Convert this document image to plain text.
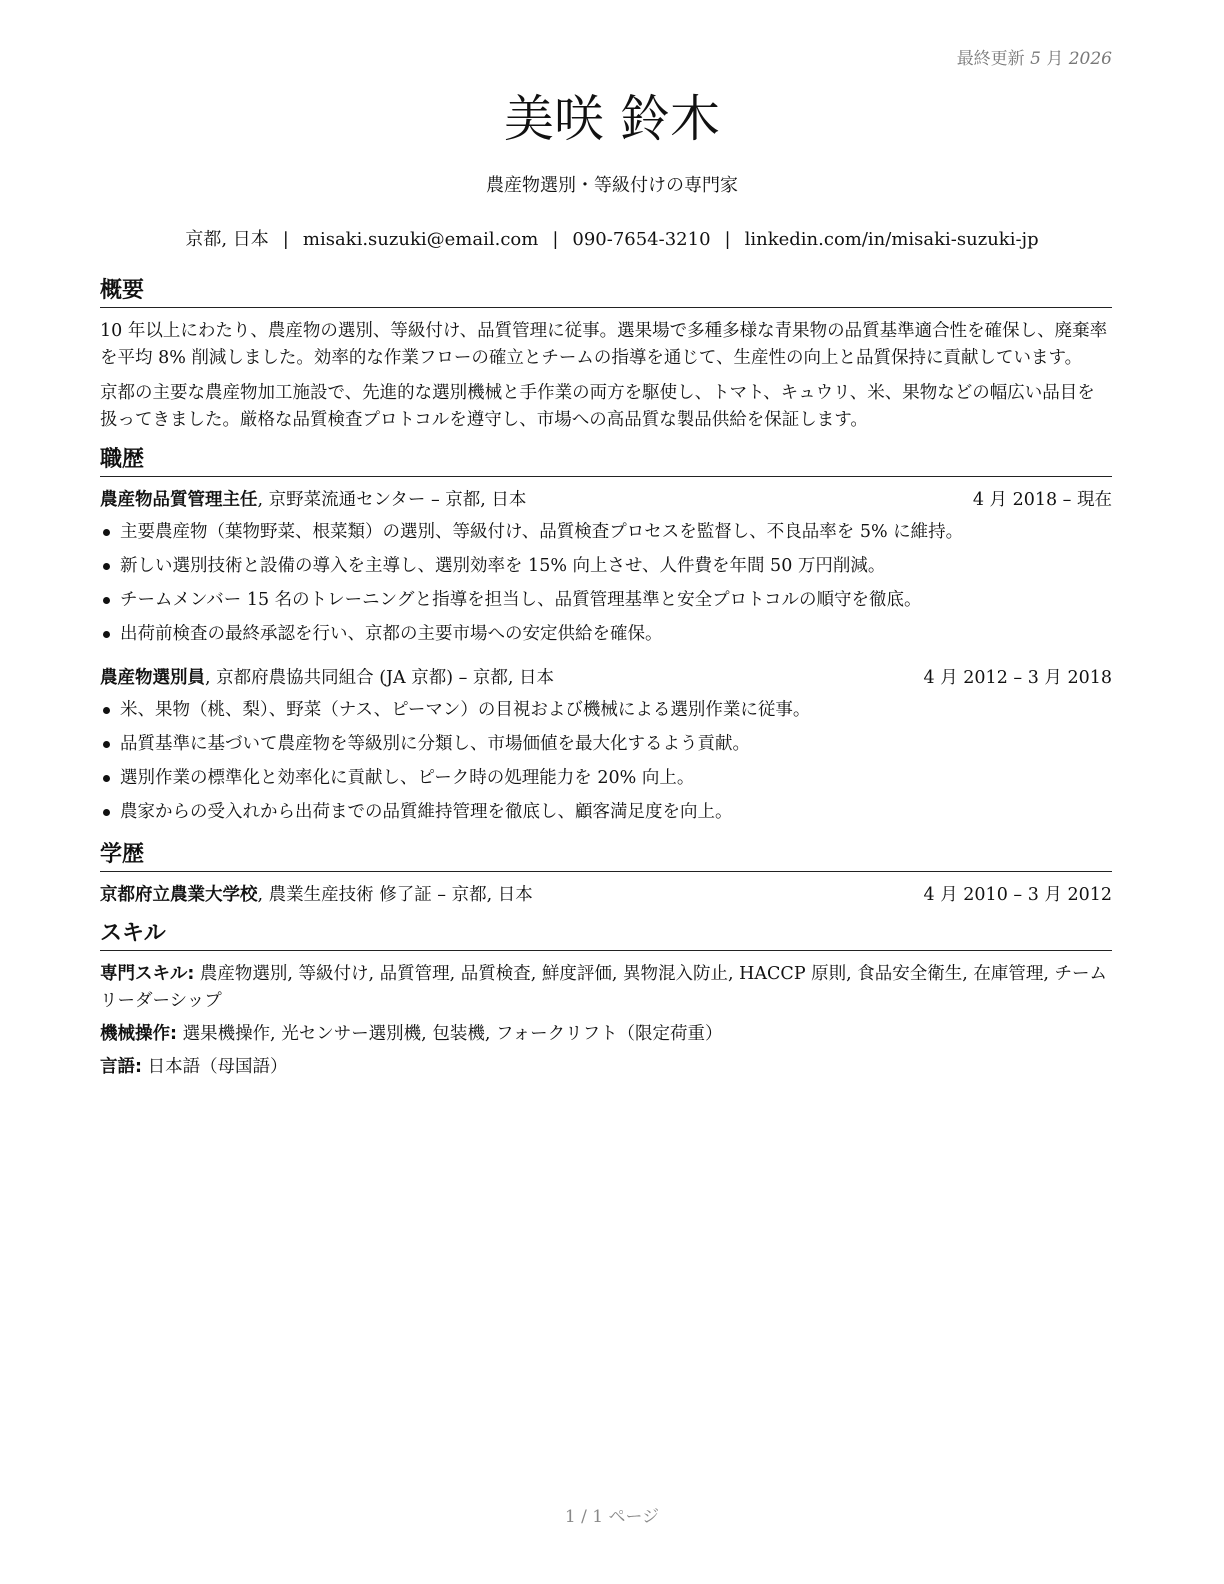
最終更新 5 月 2026
美咲 鈴木
農産物選別・等級付けの専門家
京都, 日本 | misaki.suzuki@email.com | 090-7654-3210 | linkedin.com/in/misaki-suzuki-jp
概要

10 年以上にわたり、農産物の選別、等級付け、品質管理に従事。選果場で多種多様な青果物の品質基準適合性を確保し、廃棄率を平均 8% 削減しました。効率的な作業フローの確立とチームの指導を通じて、生産性の向上と品質保持に貢献しています。

京都の主要な農産物加工施設で、先進的な選別機械と手作業の両方を駆使し、トマト、キュウリ、米、果物などの幅広い品目を扱ってきました。厳格な品質検査プロトコルを遵守し、市場への高品質な製品供給を保証します。

職歴
農産物品質管理主任, 京野菜流通センター – 京都, 日本	4 月 2018 – 現在
主要農産物（葉物野菜、根菜類）の選別、等級付け、品質検査プロセスを監督し、不良品率を 5% に維持。
新しい選別技術と設備の導入を主導し、選別効率を 15% 向上させ、人件費を年間 50 万円削減。
チームメンバー 15 名のトレーニングと指導を担当し、品質管理基準と安全プロトコルの順守を徹底。
出荷前検査の最終承認を行い、京都の主要市場への安定供給を確保。
農産物選別員, 京都府農協共同組合 (JA 京都) – 京都, 日本	4 月 2012 – 3 月 2018
米、果物（桃、梨）、野菜（ナス、ピーマン）の目視および機械による選別作業に従事。
品質基準に基づいて農産物を等級別に分類し、市場価値を最大化するよう貢献。
選別作業の標準化と効率化に貢献し、ピーク時の処理能力を 20% 向上。
農家からの受入れから出荷までの品質維持管理を徹底し、顧客満足度を向上。
学歴
京都府立農業大学校, 農業生産技術 修了証 – 京都, 日本	4 月 2010 – 3 月 2012
スキル

専門スキル: 農産物選別, 等級付け, 品質管理, 品質検査, 鮮度評価, 異物混入防止, HACCP 原則, 食品安全衛生, 在庫管理, チームリーダーシップ

機械操作: 選果機操作, 光センサー選別機, 包装機, フォークリフト（限定荷重）

言語: 日本語（母国語）

1 / 1 ページ
